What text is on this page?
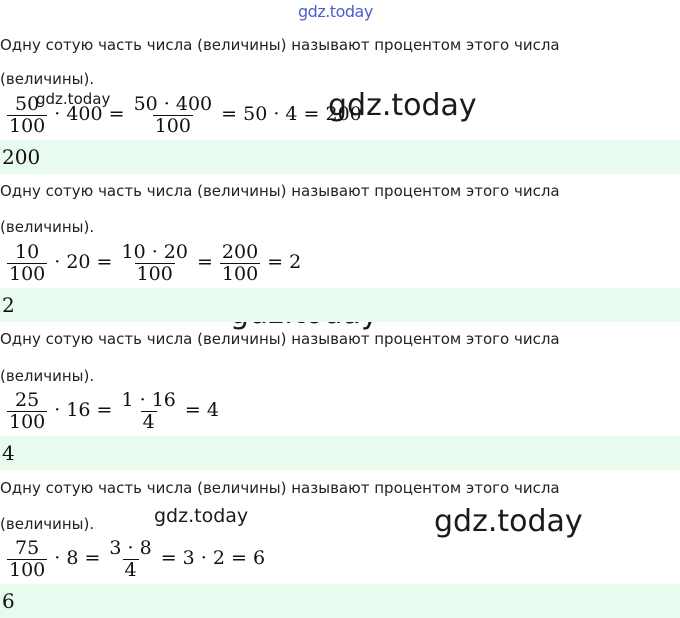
gdz.today
gdz.today	gdz.today
gdz.today	gdz.today
Одну сотую часть числа (величины) называют процентом этого числа
(величины).
$\frac{50}{100} \cdot 400 = \frac{50 \cdot 400}{100} = 50 \cdot 4 = 200$
200
Одну сотую часть числа (величины) называют процентом этого числа
(величины).
$\frac{10}{100} \cdot 20 = \frac{10 \cdot 20}{100} = \frac{200}{100} = 2$
2
Одну сотую часть числа (величины) называют процентом этого числа
(величины).
$\frac{25}{100} \cdot 16 = \frac{1 \cdot 16}{4} = 4$
4
Одну сотую часть числа (величины) называют процентом этого числа
(величины).
$\frac{75}{100} \cdot 8 = \frac{3 \cdot 8}{4} = 3 \cdot 2 = 6$
6
